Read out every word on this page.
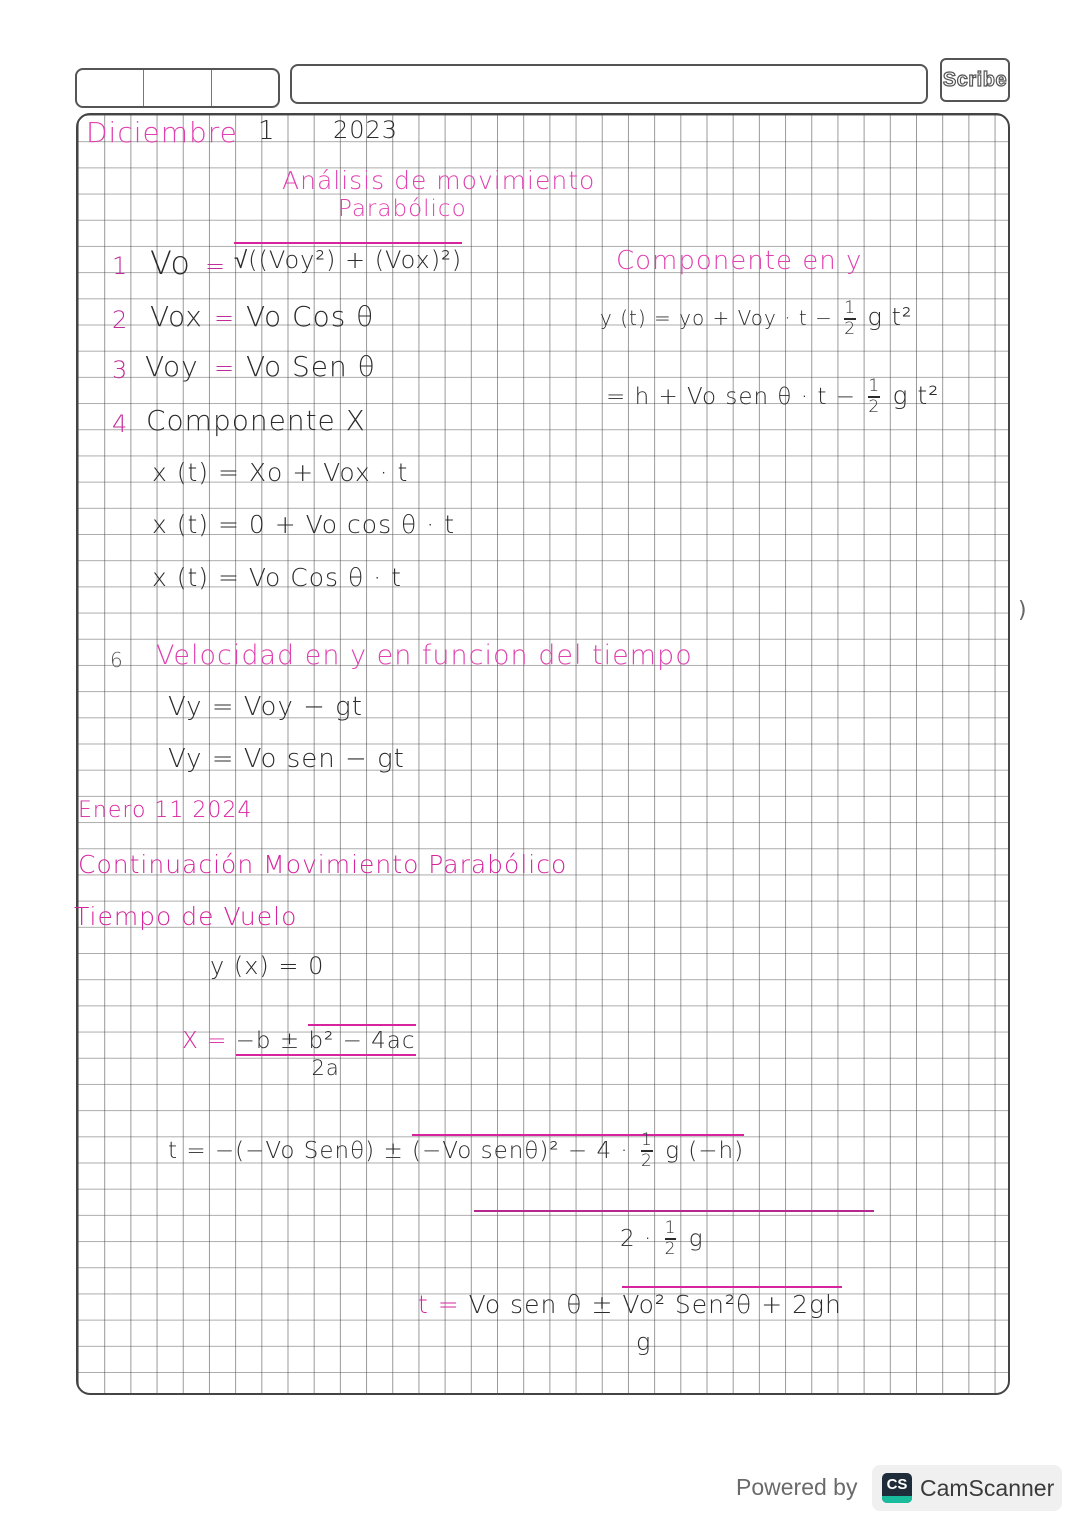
Scribe
Diciembre 1 2023
Análisis de movimiento
Parabólico
1 Vo = √((Voy²) + (Vox)²)
2 Vox = Vo Cos θ
3 Voy = Vo Sen θ
4 Componente X
x (t) = Xo + Vox · t
x (t) = 0 + Vo cos θ · t
x (t) = Vo Cos θ · t
Componente en y
y (t) = yo + Voy · $t - \frac{1}{2}$ g t²
= h + Vo sen $\theta \cdot t - \frac{1}{2}$ g t²
6 Velocidad en y en funcion del tiempo
Vy = Voy − gt
Vy = Vo sen − gt
Enero 11 2024
Continuación Movimiento Parabólico
Tiempo de Vuelo
y (x) = 0
$X = \frac{\text{−b ± b² − 4ac}}{2a}$
t = −(−Vo Senθ) ± (−Vo $sen\theta)^2 - 4 \cdot \frac{1}{2}$ g (−h)
$2 \cdot \frac{1}{2}$ g
t = Vo sen θ ± Vo² Sen²θ + 2gh
g
)
Powered by	CS CamScanner
